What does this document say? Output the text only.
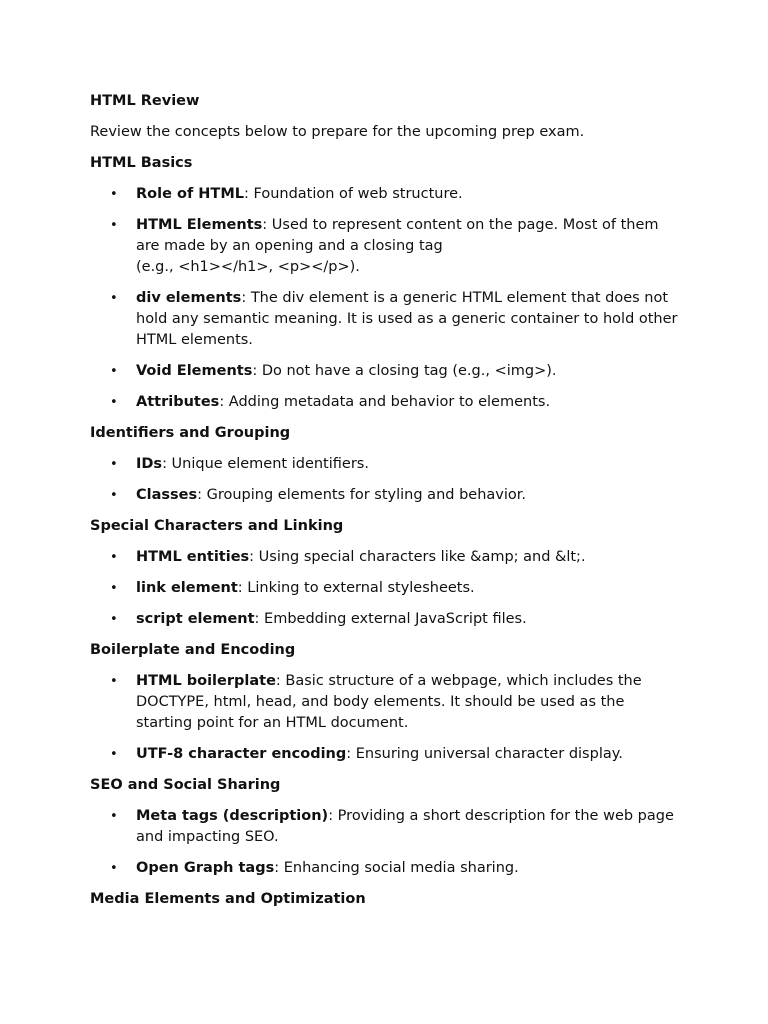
HTML Review
Review the concepts below to prepare for the upcoming prep exam.
HTML Basics
• Role of HTML: Foundation of web structure.
• HTML Elements: Used to represent content on the page. Most of them are made by an opening and a closing tag
(e.g., <h1></h1>, <p></p>).
• div elements: The div element is a generic HTML element that does not hold any semantic meaning. It is used as a generic container to hold other HTML elements.
• Void Elements: Do not have a closing tag (e.g., <img>).
• Attributes: Adding metadata and behavior to elements.
Identifiers and Grouping
• IDs: Unique element identifiers.
• Classes: Grouping elements for styling and behavior.
Special Characters and Linking
• HTML entities: Using special characters like &amp; and &lt;.
• link element: Linking to external stylesheets.
• script element: Embedding external JavaScript files.
Boilerplate and Encoding
• HTML boilerplate: Basic structure of a webpage, which includes the DOCTYPE, html, head, and body elements. It should be used as the starting point for an HTML document.
• UTF-8 character encoding: Ensuring universal character display.
SEO and Social Sharing
• Meta tags (description): Providing a short description for the web page and impacting SEO.
• Open Graph tags: Enhancing social media sharing.
Media Elements and Optimization
